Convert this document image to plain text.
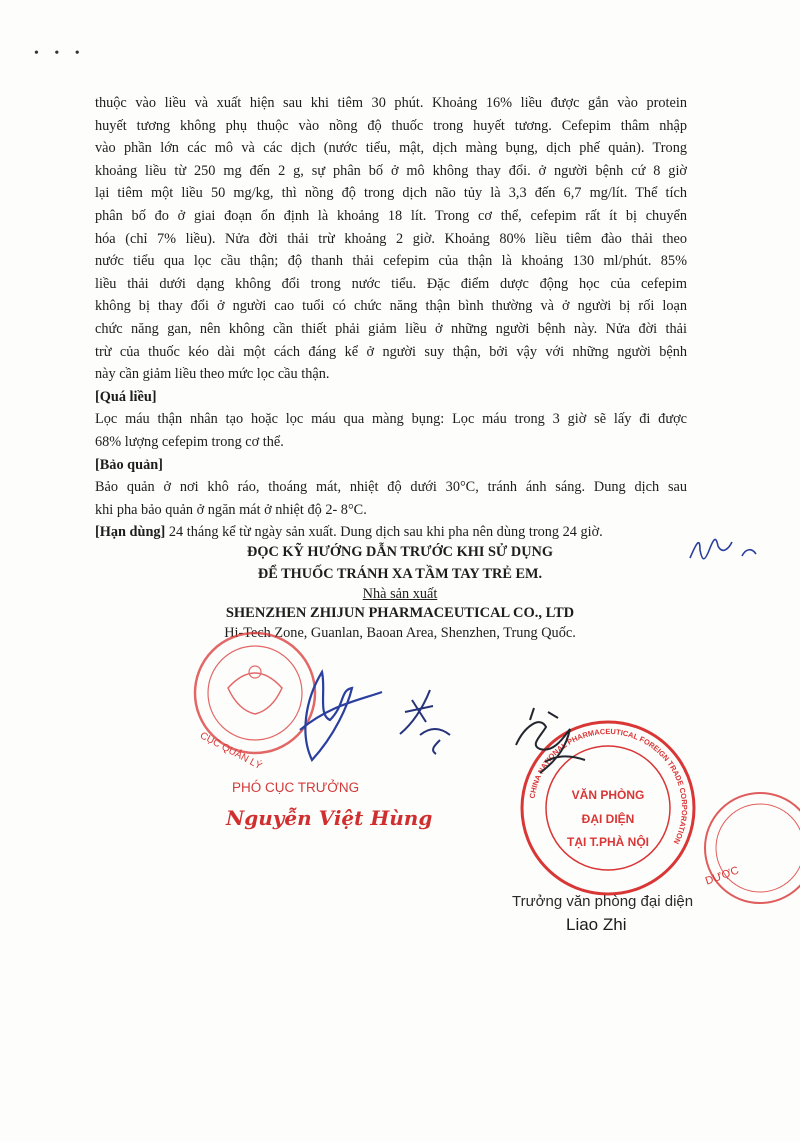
• • •
thuộc vào liều và xuất hiện sau khi tiêm 30 phút. Khoảng 16% liều được gắn vào protein
huyết tương không phụ thuộc vào nồng độ thuốc trong huyết tương. Cefepim thâm nhập
vào phần lớn các mô và các dịch (nước tiểu, mật, dịch màng bụng, dịch phế quản). Trong
khoảng liều từ 250 mg đến 2 g, sự phân bố ở mô không thay đổi. ở người bệnh cứ 8 giờ
lại tiêm một liều 50 mg/kg, thì nồng độ trong dịch não tủy là 3,3 đến 6,7 mg/lít. Thể tích
phân bố đo ở giai đoạn ổn định là khoảng 18 lít. Trong cơ thể, cefepim rất ít bị chuyển
hóa (chỉ 7% liều). Nửa đời thải trừ khoảng 2 giờ. Khoảng 80% liều tiêm đào thải theo
nước tiểu qua lọc cầu thận; độ thanh thải cefepim của thận là khoảng 130 ml/phút. 85%
liều thải dưới dạng không đổi trong nước tiểu. Đặc điểm dược động học của cefepim
không bị thay đổi ở người cao tuổi có chức năng thận bình thường và ở người bị rối loạn
chức năng gan, nên không cần thiết phải giảm liều ở những người bệnh này. Nửa đời thải
trừ của thuốc kéo dài một cách đáng kể ở người suy thận, bởi vậy với những người bệnh
này cần giảm liều theo mức lọc cầu thận.
[Quá liều]
Lọc máu thận nhân tạo hoặc lọc máu qua màng bụng: Lọc máu trong 3 giờ sẽ lấy đi được
68% lượng cefepim trong cơ thể.
[Bảo quản]
Bảo quản ở nơi khô ráo, thoáng mát, nhiệt độ dưới 30°C, tránh ánh sáng. Dung dịch sau
khi pha bảo quản ở ngăn mát ở nhiệt độ 2- 8°C.
[Hạn dùng] 24 tháng kể từ ngày sản xuất. Dung dịch sau khi pha nên dùng trong 24 giờ.
ĐỌC KỸ HƯỚNG DẪN TRƯỚC KHI SỬ DỤNG
ĐỂ THUỐC TRÁNH XA TẦM TAY TRẺ EM.
Nhà sản xuất
SHENZHEN ZHIJUN PHARMACEUTICAL CO., LTD
Hi-Tech Zone, Guanlan, Baoan Area, Shenzhen, Trung Quốc.
CỤC QUẢN LÝ
CHINA NATIONAL PHARMACEUTICAL FOREIGN TRADE CORPORATION
VĂN PHÒNG
ĐẠI DIỆN
TẠI T.PHÀ NỘI
DƯỢC
PHÓ CỤC TRƯỞNG
Nguyễn Việt Hùng
Trưởng văn phòng đại diện
Liao Zhi
